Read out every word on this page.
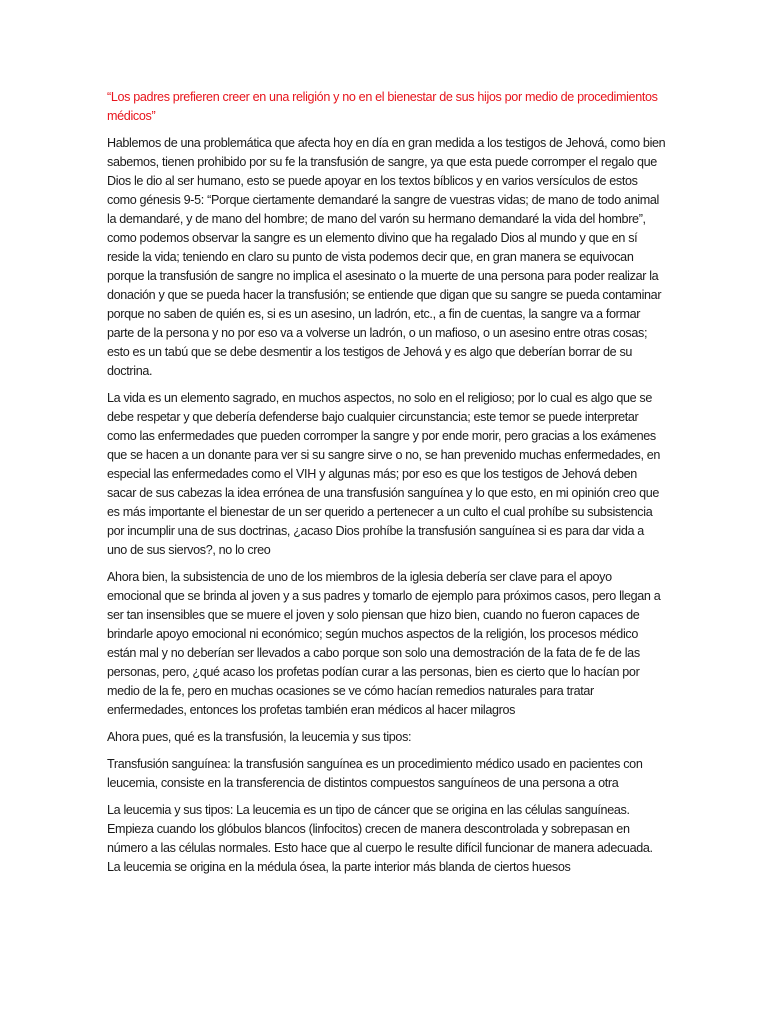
“Los padres prefieren creer en una religión y no en el bienestar de sus hijos por medio de procedimientos médicos”

Hablemos de una problemática que afecta hoy en día en gran medida a los testigos de Jehová, como bien sabemos, tienen prohibido por su fe la transfusión de sangre, ya que esta puede corromper el regalo que Dios le dio al ser humano, esto se puede apoyar en los textos bíblicos y en varios versículos de estos como génesis 9-5: “Porque ciertamente demandaré la sangre de vuestras vidas; de mano de todo animal la demandaré, y de mano del hombre; de mano del varón su hermano demandaré la vida del hombre”, como podemos observar la sangre es un elemento divino que ha regalado Dios al mundo y que en sí reside la vida; teniendo en claro su punto de vista podemos decir que, en gran manera se equivocan porque la transfusión de sangre no implica el asesinato o la muerte de una persona para poder realizar la donación y que se pueda hacer la transfusión; se entiende que digan que su sangre se pueda contaminar porque no saben de quién es, si es un asesino, un ladrón, etc., a fin de cuentas, la sangre va a formar parte de la persona y no por eso va a volverse un ladrón, o un mafioso, o un asesino entre otras cosas; esto es un tabú que se debe desmentir a los testigos de Jehová y es algo que deberían borrar de su doctrina.

La vida es un elemento sagrado, en muchos aspectos, no solo en el religioso; por lo cual es algo que se debe respetar y que debería defenderse bajo cualquier circunstancia; este temor se puede interpretar como las enfermedades que pueden corromper la sangre y por ende morir, pero gracias a los exámenes que se hacen a un donante para ver si su sangre sirve o no, se han prevenido muchas enfermedades, en especial las enfermedades como el VIH y algunas más; por eso es que los testigos de Jehová deben sacar de sus cabezas la idea errónea de una transfusión sanguínea y lo que esto, en mi opinión creo que es más importante el bienestar de un ser querido a pertenecer a un culto el cual prohíbe su subsistencia por incumplir una de sus doctrinas, ¿acaso Dios prohíbe la transfusión sanguínea si es para dar vida a uno de sus siervos?, no lo creo

Ahora bien, la subsistencia de uno de los miembros de la iglesia debería ser clave para el apoyo emocional que se brinda al joven y a sus padres y tomarlo de ejemplo para próximos casos, pero llegan a ser tan insensibles que se muere el joven y solo piensan que hizo bien, cuando no fueron capaces de brindarle apoyo emocional ni económico; según muchos aspectos de la religión, los procesos médico están mal y no deberían ser llevados a cabo porque son solo una demostración de la fata de fe de las personas, pero, ¿qué acaso los profetas podían curar a las personas, bien es cierto que lo hacían por medio de la fe, pero en muchas ocasiones se ve cómo hacían remedios naturales para tratar enfermedades, entonces los profetas también eran médicos al hacer milagros

Ahora pues, qué es la transfusión, la leucemia y sus tipos:

Transfusión sanguínea: la transfusión sanguínea es un procedimiento médico usado en pacientes con leucemia, consiste en la transferencia de distintos compuestos sanguíneos de una persona a otra

La leucemia y sus tipos: La leucemia es un tipo de cáncer que se origina en las células sanguíneas. Empieza cuando los glóbulos blancos (linfocitos) crecen de manera descontrolada y sobrepasan en número a las células normales. Esto hace que al cuerpo le resulte difícil funcionar de manera adecuada. La leucemia se origina en la médula ósea, la parte interior más blanda de ciertos huesos
